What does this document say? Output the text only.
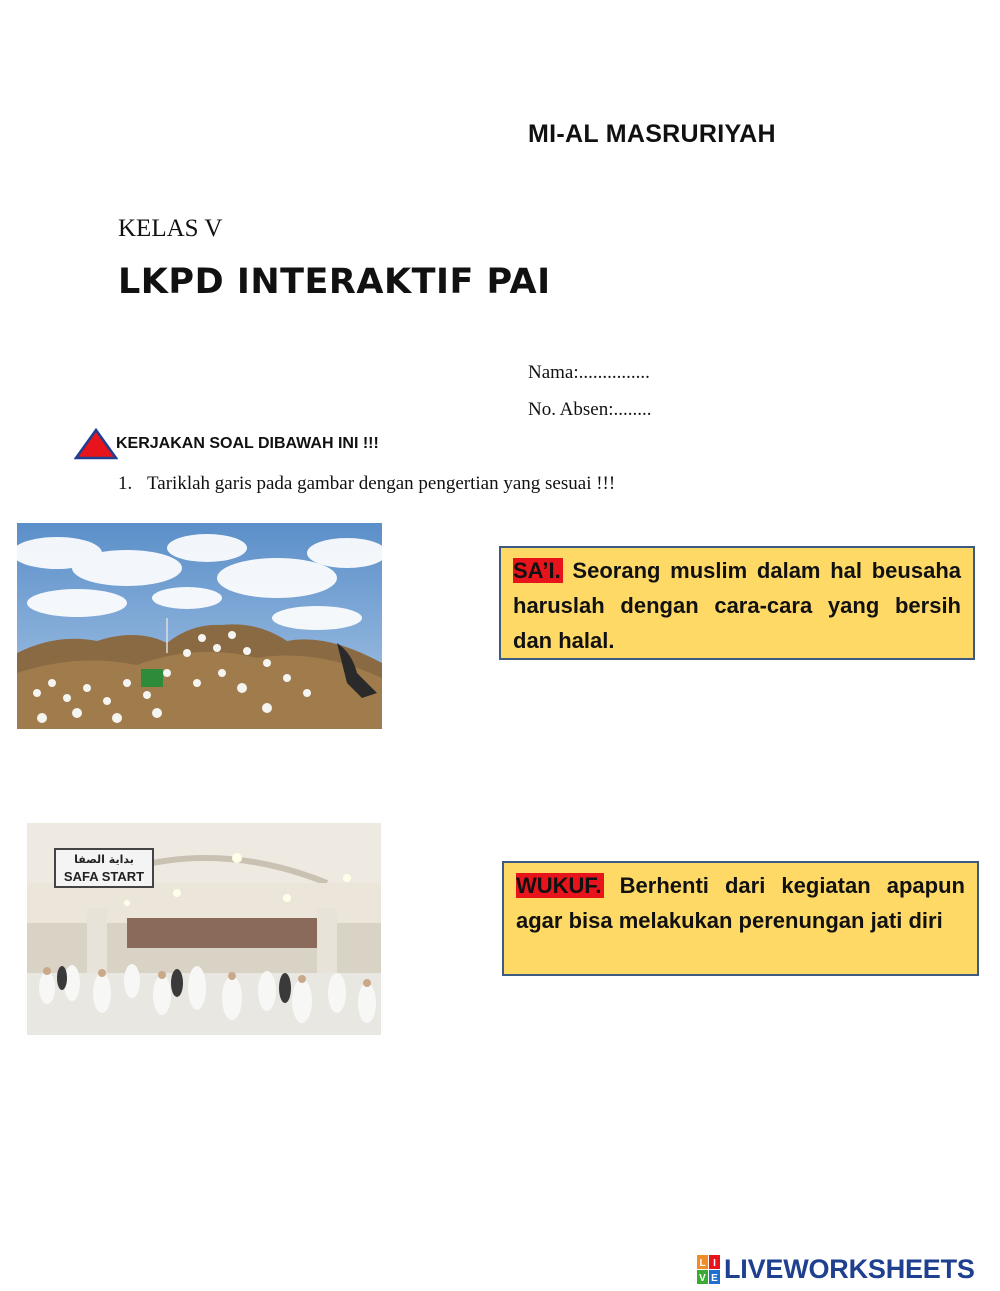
MI-AL MASRURIYAH
KELAS V
LKPD INTERAKTIF PAI
Nama:...............
No. Absen:........
KERJAKAN SOAL DIBAWAH INI !!!
1. Tariklah garis pada gambar dengan pengertian yang sesuai !!!
بداية الصفا
SAFA START
SA’I. Seorang muslim dalam hal beusaha haruslah dengan cara-cara yang bersih dan halal.
WUKUF. Berhenti dari kegiatan apapun agar bisa melakukan perenungan jati diri
L I
V E LIVEWORKSHEETS
